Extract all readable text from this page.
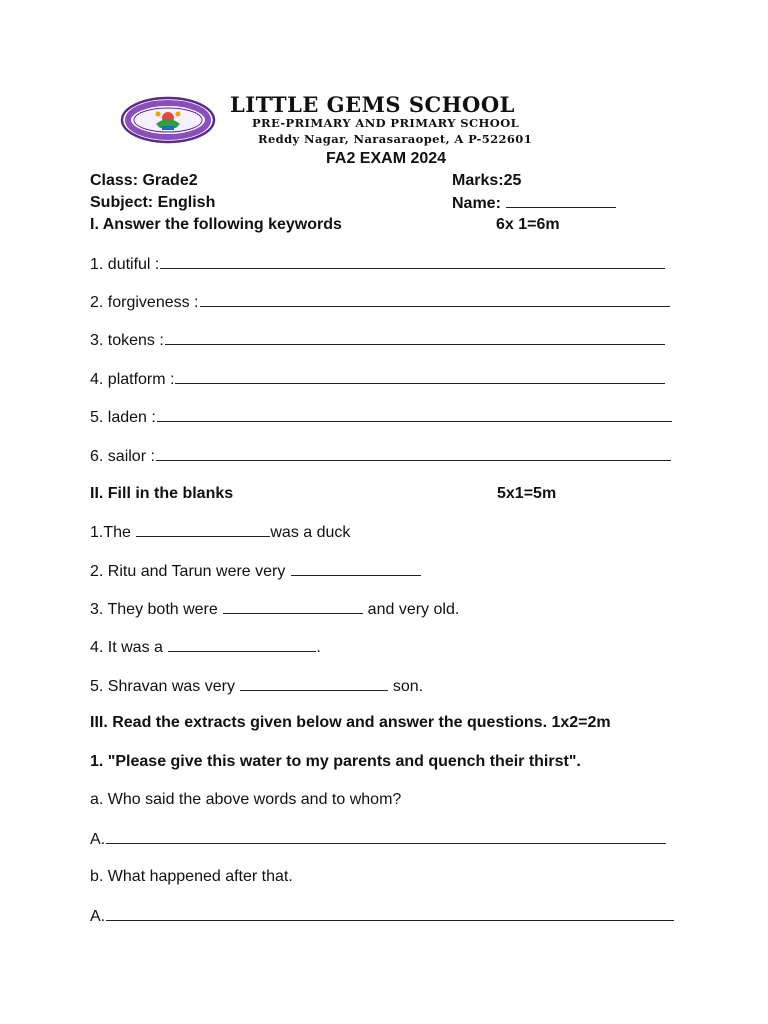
LITTLE GEMS SCHOOL
PRE-PRIMARY AND PRIMARY SCHOOL
Reddy Nagar, Narasaraopet, A P-522601
FA2 EXAM 2024
Class: Grade2	Marks:25
Subject: English	Name:
I. Answer the following keywords	6x 1=6m
1. dutiful :
2. forgiveness :
3. tokens :
4. platform :
5. laden :
6. sailor :
II. Fill in the blanks	5x1=5m
1.The	was a duck
2. Ritu and Tarun were very
3. They both were	and very old.
4. It was a	.
5. Shravan was very	son.
III. Read the extracts given below and answer the questions. 1x2=2m
1. "Please give this water to my parents and quench their thirst".
a. Who said the above words and to whom?
A.
b. What happened after that.
A.
